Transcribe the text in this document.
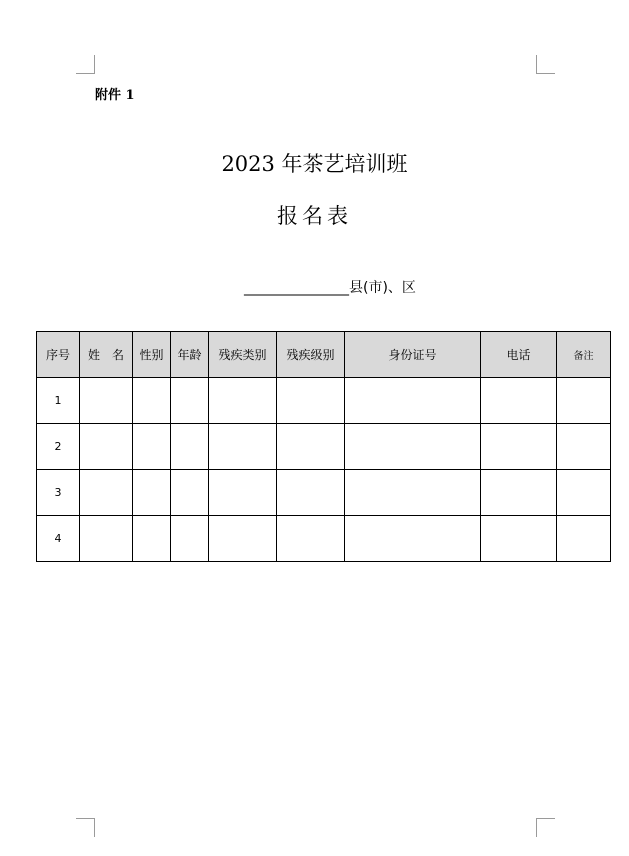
附件 1
2023 年茶艺培训班
报名表
_______________县(市)、区
序号	姓　名	性别	年龄	残疾类别	残疾级别	身份证号	电话	备注
1								
2								
3								
4								
